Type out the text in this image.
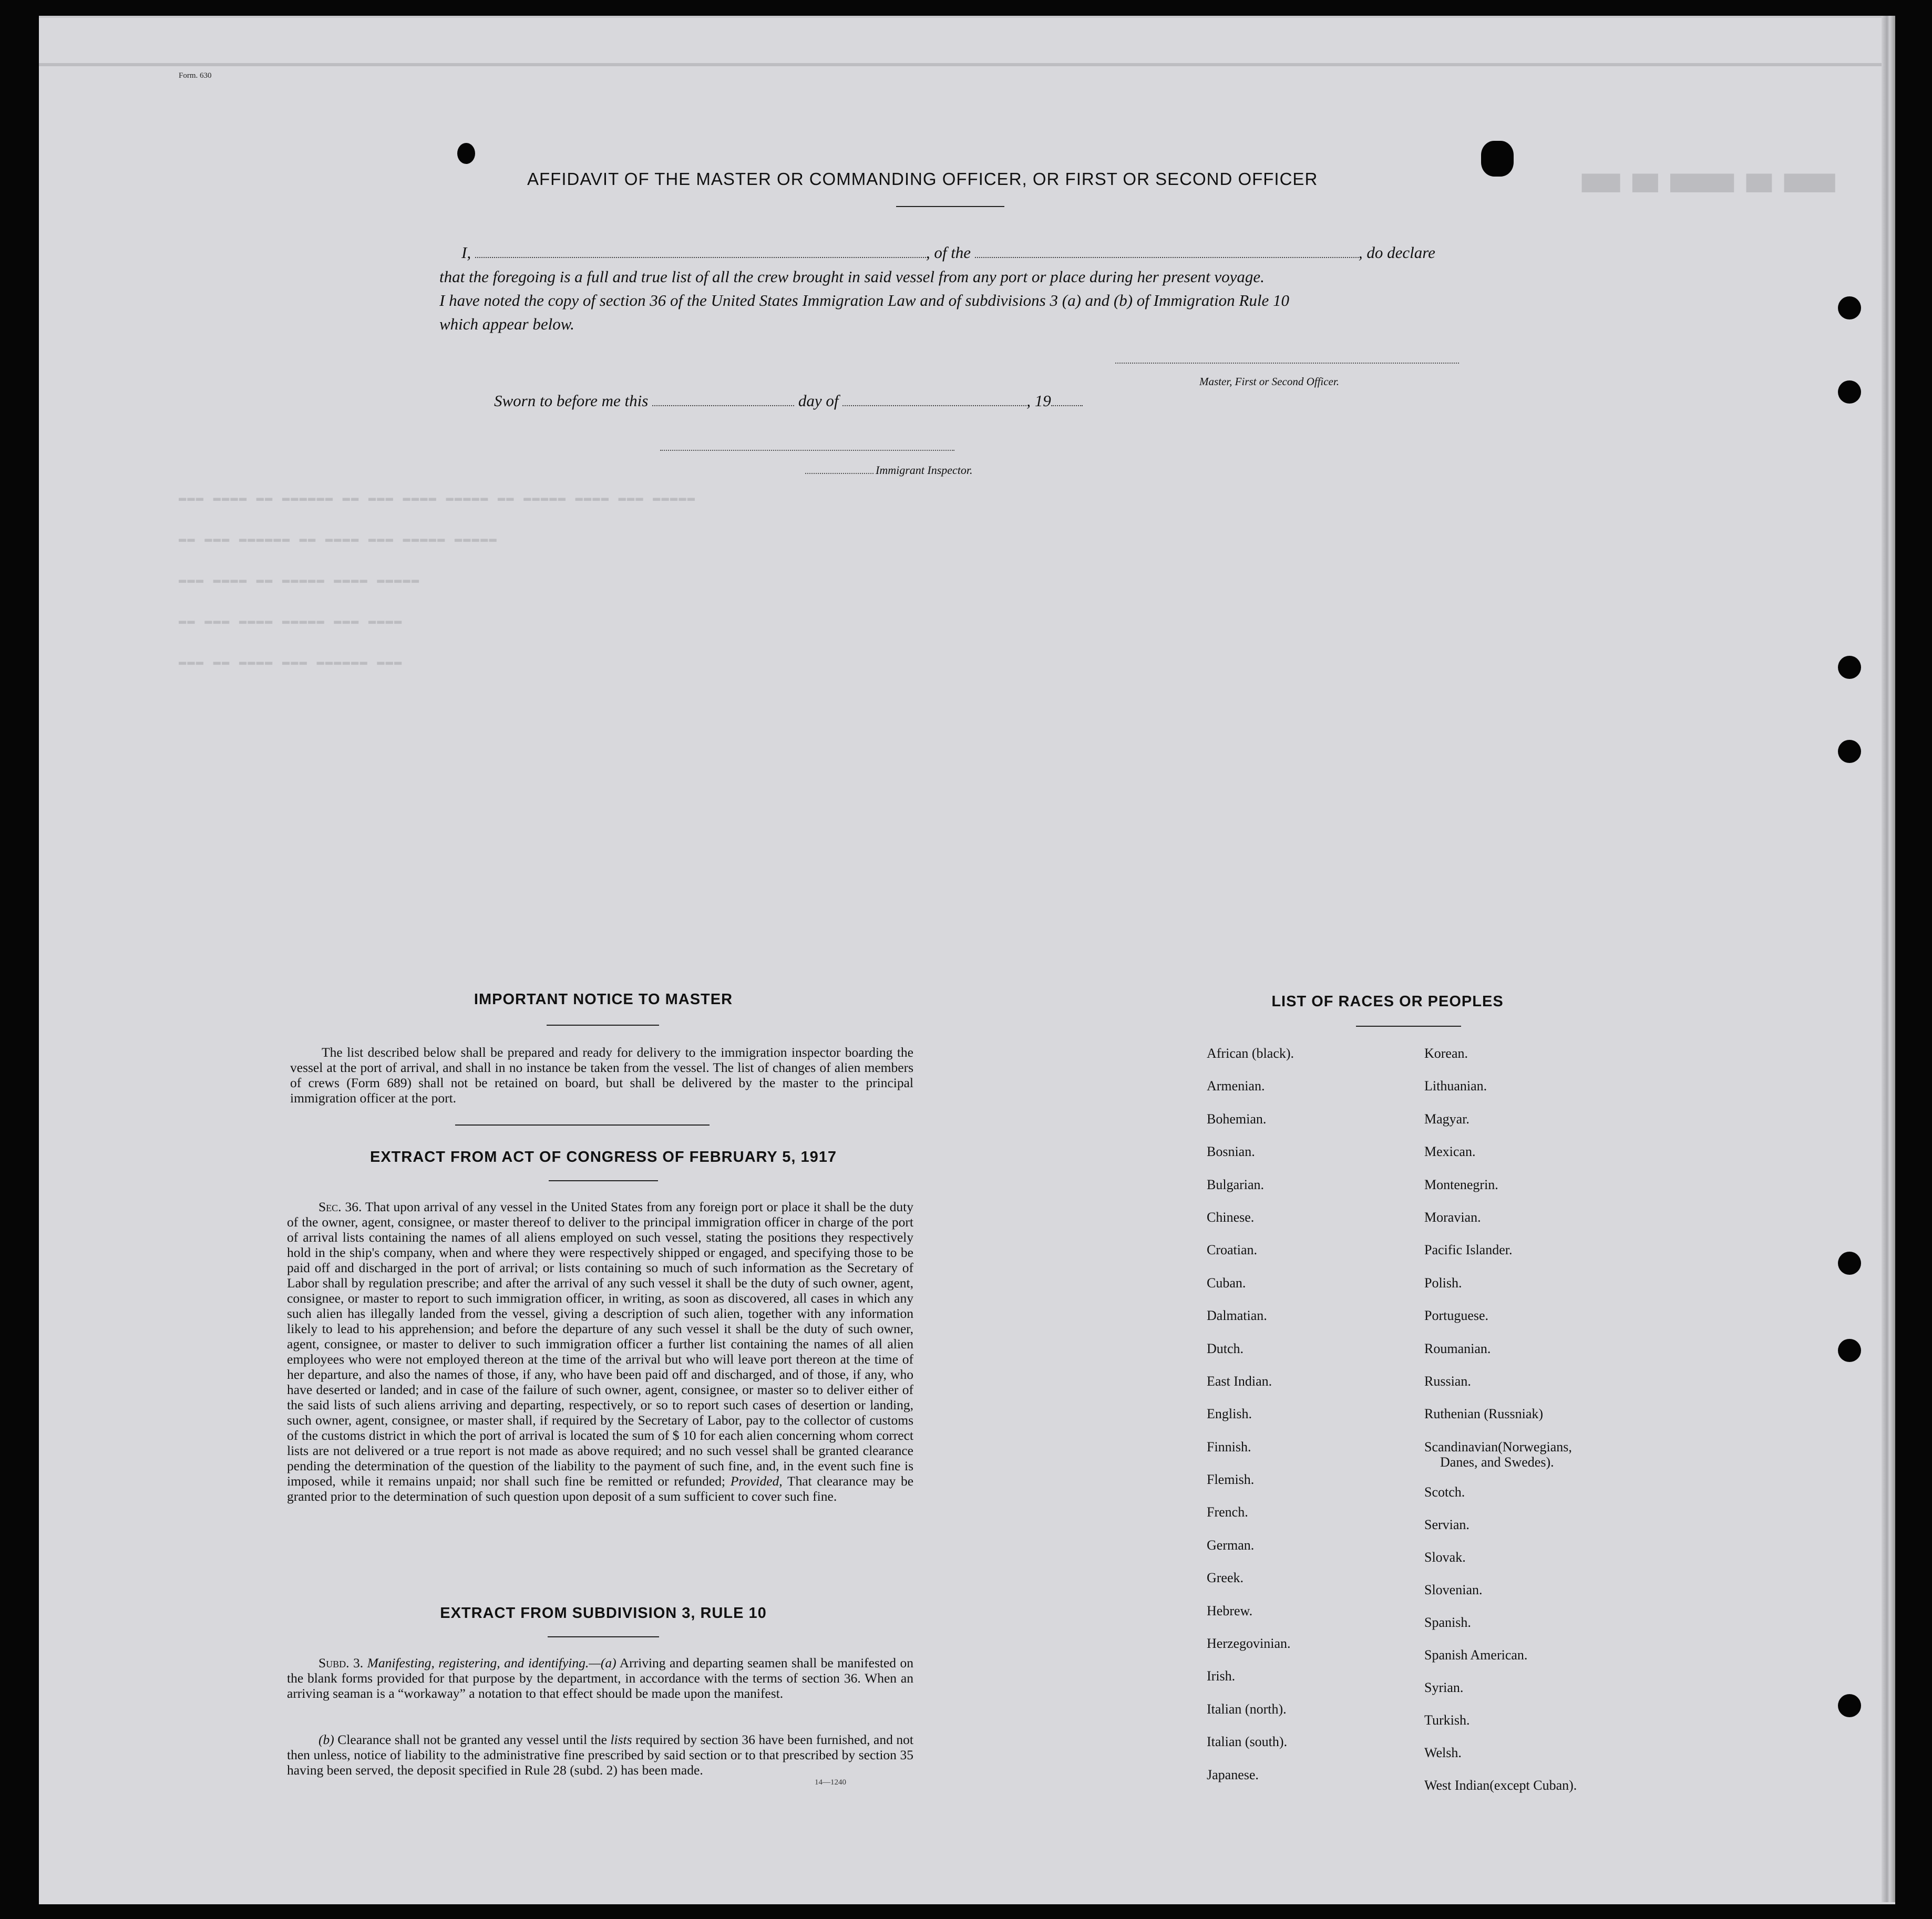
Form. 630
▆▆▆ ▆▆ ▆▆▆▆▆ ▆▆ ▆▆▆▆
▬▬▬ ▬▬▬▬ ▬▬ ▬▬▬▬▬▬ ▬▬ ▬▬▬ ▬▬▬▬ ▬▬▬▬▬ ▬▬ ▬▬▬▬▬ ▬▬▬▬ ▬▬▬ ▬▬▬▬▬
▬▬ ▬▬▬ ▬▬▬▬▬▬ ▬▬ ▬▬▬▬ ▬▬▬ ▬▬▬▬▬ ▬▬▬▬▬
▬▬▬ ▬▬▬▬ ▬▬ ▬▬▬▬▬ ▬▬▬▬ ▬▬▬▬▬
▬▬ ▬▬▬ ▬▬▬▬ ▬▬▬▬▬ ▬▬▬ ▬▬▬▬
▬▬▬ ▬▬ ▬▬▬▬ ▬▬▬ ▬▬▬▬▬▬ ▬▬▬
AFFIDAVIT OF THE MASTER OR COMMANDING OFFICER, OR FIRST OR SECOND OFFICER
I,	, of the	, do declare
that the foregoing is a full and true list of all the crew brought in said vessel from any port or place during her present voyage.
I have noted the copy of section 36 of the United States Immigration Law and of subdivisions 3 (a) and (b) of Immigration Rule 10
which appear below.
Master, First or Second Officer.
Sworn to before me this	day of	, 19
Immigrant Inspector.
IMPORTANT NOTICE TO MASTER
The list described below shall be prepared and ready for delivery to the immigration inspector boarding the vessel at the port of arrival, and shall in no instance be taken from the vessel. The list of changes of alien members of crews (Form 689) shall not be retained on board, but shall be delivered by the master to the principal immigration officer at the port.
EXTRACT FROM ACT OF CONGRESS OF FEBRUARY 5, 1917
Sec. 36. That upon arrival of any vessel in the United States from any foreign port or place it shall be the duty of the owner, agent, consignee, or master thereof to deliver to the principal immigration officer in charge of the port of arrival lists containing the names of all aliens employed on such vessel, stating the positions they respectively hold in the ship's company, when and where they were respectively shipped or engaged, and specifying those to be paid off and discharged in the port of arrival; or lists containing so much of such information as the Secretary of Labor shall by regulation prescribe; and after the arrival of any such vessel it shall be the duty of such owner, agent, consignee, or master to report to such immigration officer, in writing, as soon as discovered, all cases in which any such alien has illegally landed from the vessel, giving a description of such alien, together with any information likely to lead to his apprehension; and before the departure of any such vessel it shall be the duty of such owner, agent, consignee, or master to deliver to such immigration officer a further list containing the names of all alien employees who were not employed thereon at the time of the arrival but who will leave port thereon at the time of her departure, and also the names of those, if any, who have been paid off and discharged, and of those, if any, who have deserted or landed; and in case of the failure of such owner, agent, consignee, or master so to deliver either of the said lists of such aliens arriving and departing, respectively, or so to report such cases of desertion or landing, such owner, agent, consignee, or master shall, if required by the Secretary of Labor, pay to the collector of customs of the customs district in which the port of arrival is located the sum of $ 10 for each alien concerning whom correct lists are not delivered or a true report is not made as above required; and no such vessel shall be granted clearance pending the determination of the question of the liability to the payment of such fine, and, in the event such fine is imposed, while it remains unpaid; nor shall such fine be remitted or refunded; Provided, That clearance may be granted prior to the determination of such question upon deposit of a sum sufficient to cover such fine.
EXTRACT FROM SUBDIVISION 3, RULE 10
Subd. 3. Manifesting, registering, and identifying.—(a) Arriving and departing seamen shall be manifested on the blank forms provided for that purpose by the department, in accordance with the terms of section 36. When an arriving seaman is a “workaway” a notation to that effect should be made upon the manifest.
(b) Clearance shall not be granted any vessel until the lists required by section 36 have been furnished, and not then unless, notice of liability to the administrative fine prescribed by said section or to that prescribed by section 35 having been served, the deposit specified in Rule 28 (subd. 2) has been made.
14—1240
LIST OF RACES OR PEOPLES
African (black).
Armenian.
Bohemian.
Bosnian.
Bulgarian.
Chinese.
Croatian.
Cuban.
Dalmatian.
Dutch.
East Indian.
English.
Finnish.
Flemish.
French.
German.
Greek.
Hebrew.
Herzegovinian.
Irish.
Italian (north).
Italian (south).
Japanese.
Korean.
Lithuanian.
Magyar.
Mexican.
Montenegrin.
Moravian.
Pacific Islander.
Polish.
Portuguese.
Roumanian.
Russian.
Ruthenian (Russniak)
Scandinavian(Norwegians,
Danes, and Swedes).
Scotch.
Servian.
Slovak.
Slovenian.
Spanish.
Spanish American.
Syrian.
Turkish.
Welsh.
West Indian(except Cuban).
